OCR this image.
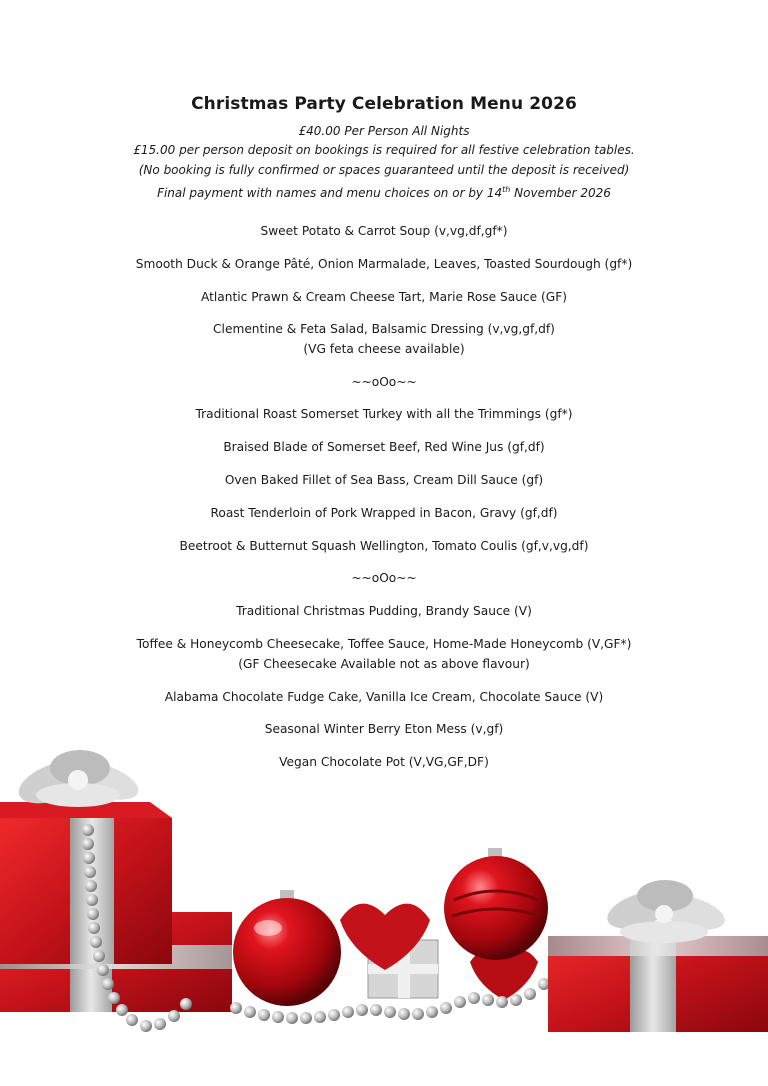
Christmas Party Celebration Menu 2026
£40.00 Per Person All Nights
£15.00 per person deposit on bookings is required for all festive celebration tables.
(No booking is fully confirmed or spaces guaranteed until the deposit is received)
Final payment with names and menu choices on or by 14th November 2026
Sweet Potato & Carrot Soup (v,vg,df,gf*)
Smooth Duck & Orange Pâté, Onion Marmalade, Leaves, Toasted Sourdough (gf*)
Atlantic Prawn & Cream Cheese Tart, Marie Rose Sauce (GF)
Clementine & Feta Salad, Balsamic Dressing (v,vg,gf,df)
(VG feta cheese available)
~~oOo~~
Traditional Roast Somerset Turkey with all the Trimmings (gf*)
Braised Blade of Somerset Beef, Red Wine Jus (gf,df)
Oven Baked Fillet of Sea Bass, Cream Dill Sauce (gf)
Roast Tenderloin of Pork Wrapped in Bacon, Gravy (gf,df)
Beetroot & Butternut Squash Wellington, Tomato Coulis (gf,v,vg,df)
~~oOo~~
Traditional Christmas Pudding, Brandy Sauce (V)
Toffee & Honeycomb Cheesecake, Toffee Sauce, Home-Made Honeycomb (V,GF*)
(GF Cheesecake Available not as above flavour)
Alabama Chocolate Fudge Cake, Vanilla Ice Cream, Chocolate Sauce (V)
Seasonal Winter Berry Eton Mess (v,gf)
Vegan Chocolate Pot (V,VG,GF,DF)
